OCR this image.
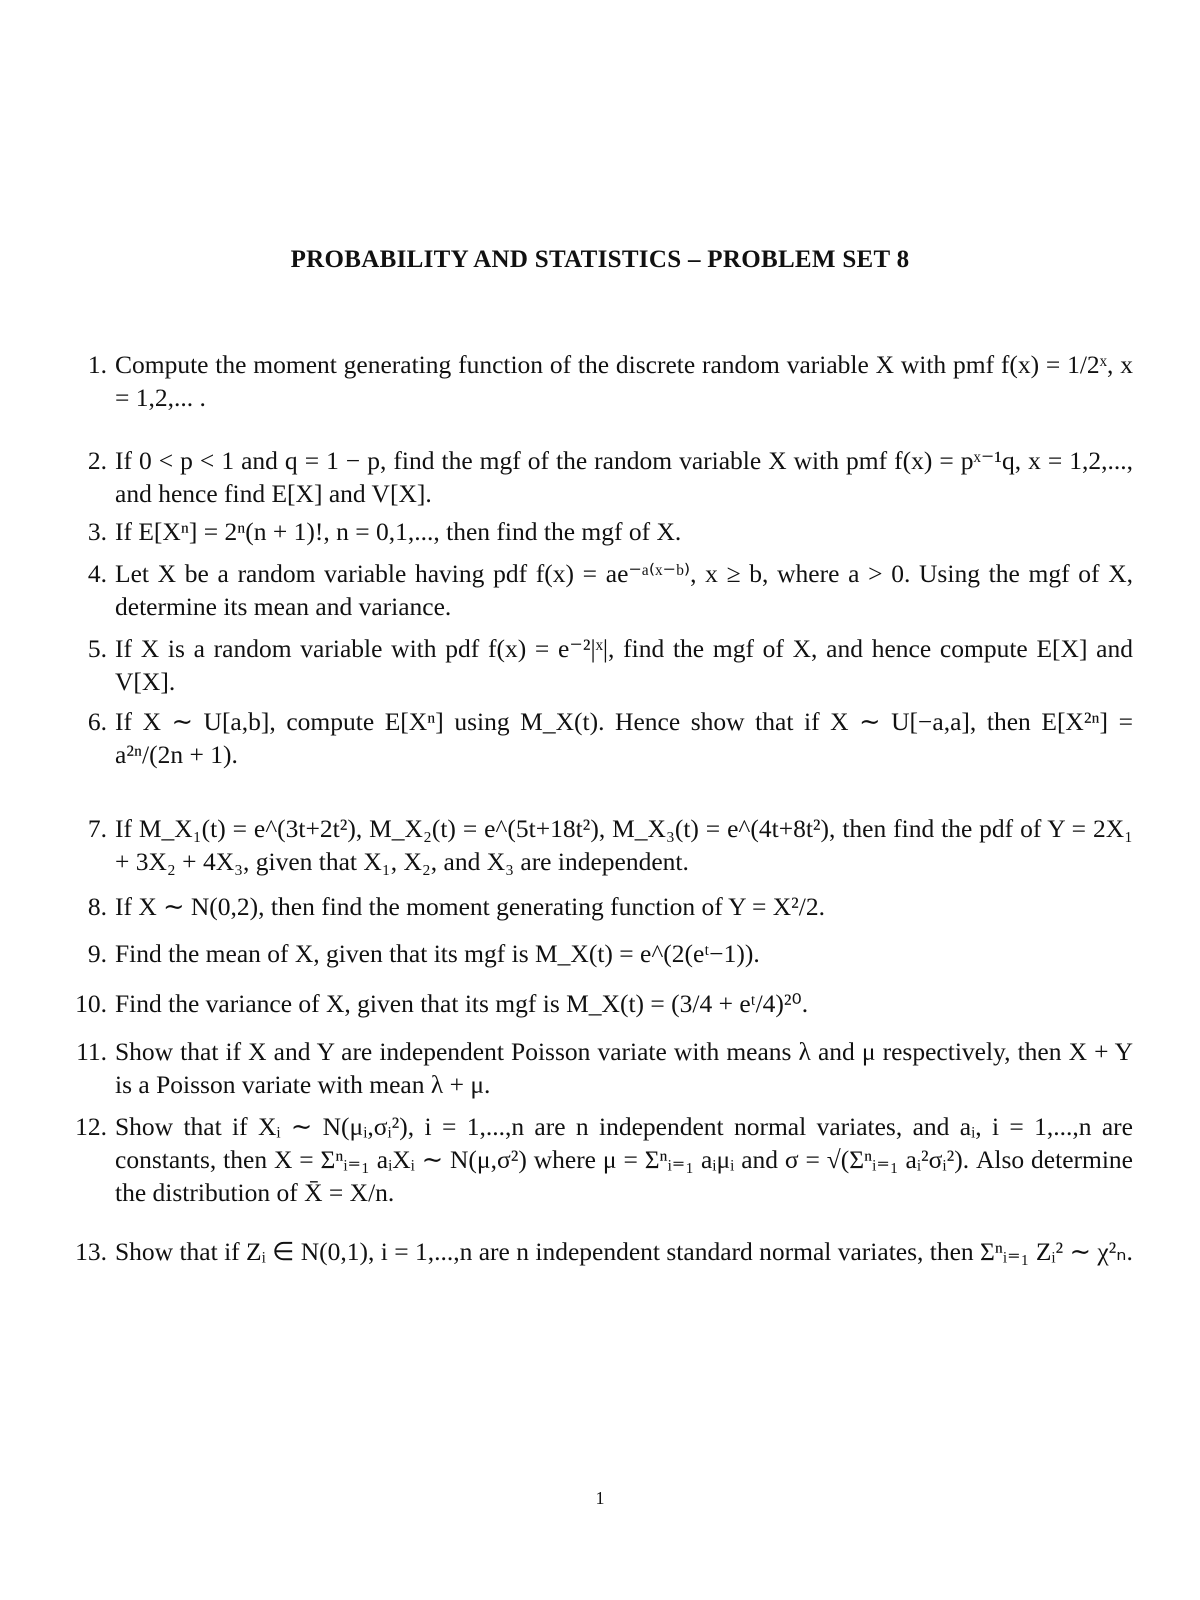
PROBABILITY AND STATISTICS – PROBLEM SET 8
1. Compute the moment generating function of the discrete random variable X with pmf f(x) = 1/2ˣ, x = 1,2,... .
2. If 0 < p < 1 and q = 1 − p, find the mgf of the random variable X with pmf f(x) = pˣ⁻¹q, x = 1,2,..., and hence find E[X] and V[X].
3. If E[Xⁿ] = 2ⁿ(n + 1)!, n = 0,1,..., then find the mgf of X.
4. Let X be a random variable having pdf f(x) = ae⁻ᵃ⁽ˣ⁻ᵇ⁾, x ≥ b, where a > 0. Using the mgf of X, determine its mean and variance.
5. If X is a random variable with pdf f(x) = e⁻²|ˣ|, find the mgf of X, and hence compute E[X] and V[X].
6. If X ∼ U[a,b], compute E[Xⁿ] using M_X(t). Hence show that if X ∼ U[−a,a], then E[X²ⁿ] = a²ⁿ/(2n + 1).
7. If M_X₁(t) = e^(3t+2t²), M_X₂(t) = e^(5t+18t²), M_X₃(t) = e^(4t+8t²), then find the pdf of Y = 2X₁ + 3X₂ + 4X₃, given that X₁, X₂, and X₃ are independent.
8. If X ∼ N(0,2), then find the moment generating function of Y = X²/2.
9. Find the mean of X, given that its mgf is M_X(t) = e^(2(eᵗ−1)).
10. Find the variance of X, given that its mgf is M_X(t) = (3/4 + eᵗ/4)²⁰.
11. Show that if X and Y are independent Poisson variate with means λ and μ respectively, then X + Y is a Poisson variate with mean λ + μ.
12. Show that if Xᵢ ∼ N(μᵢ,σᵢ²), i = 1,...,n are n independent normal variates, and aᵢ, i = 1,...,n are constants, then X = Σⁿᵢ₌₁ aᵢXᵢ ∼ N(μ,σ²) where μ = Σⁿᵢ₌₁ aᵢμᵢ and σ = √(Σⁿᵢ₌₁ aᵢ²σᵢ²). Also determine the distribution of X̄ = X/n.
13. Show that if Zᵢ ∈ N(0,1), i = 1,...,n are n independent standard normal variates, then Σⁿᵢ₌₁ Zᵢ² ∼ χ²ₙ.
1
